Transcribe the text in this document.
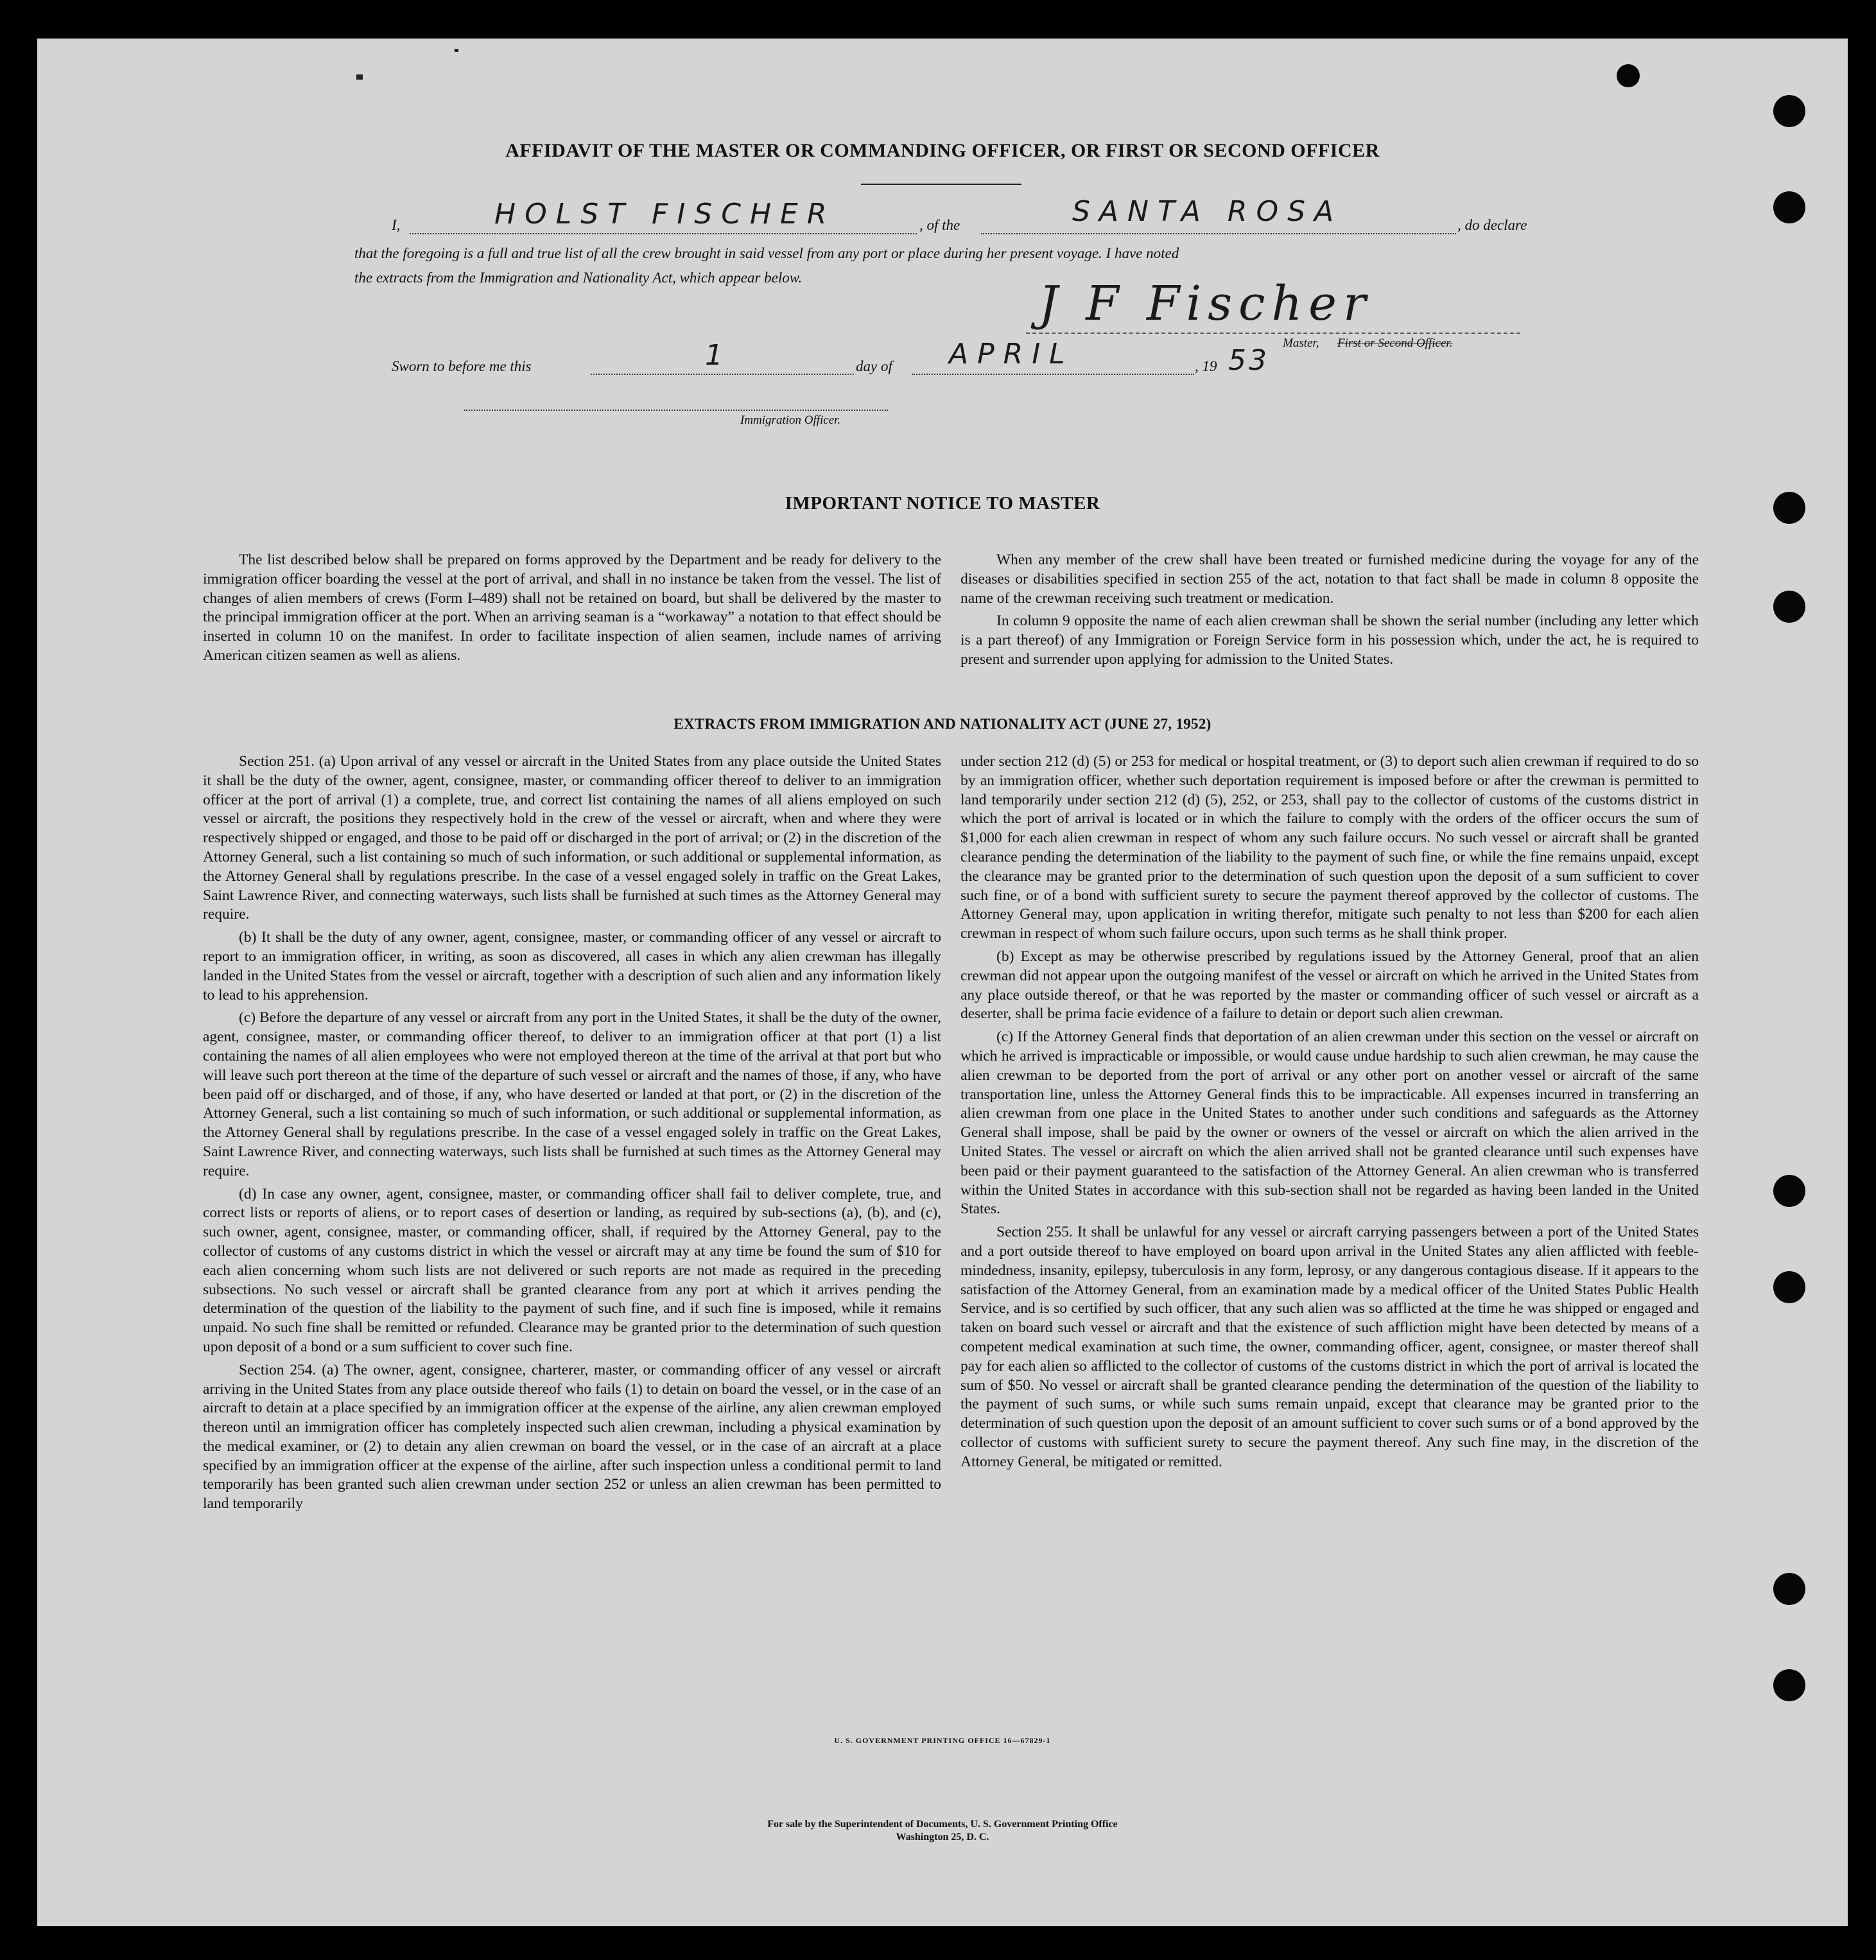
AFFIDAVIT OF THE MASTER OR COMMANDING OFFICER, OR FIRST OR SECOND OFFICER
I,	HOLST FISCHER	, of the	SANTA ROSA	, do declare
that the foregoing is a full and true list of all the crew brought in said vessel from any port or place during her present voyage. I have noted
the extracts from the Immigration and Nationality Act, which appear below.	J F Fischer
Master, First or Second Officer.
Sworn to before me this	1	day of APRIL	, 19 53
Immigration Officer.
IMPORTANT NOTICE TO MASTER

The list described below shall be prepared on forms approved by the Department and be ready for delivery to the immigration officer boarding the vessel at the port of arrival, and shall in no instance be taken from the vessel. The list of changes of alien members of crews (Form I–489) shall not be retained on board, but shall be delivered by the master to the principal immigration officer at the port. When an arriving seaman is a “workaway” a notation to that effect should be inserted in column 10 on the manifest. In order to facilitate inspection of alien seamen, include names of arriving American citizen seamen as well as aliens.

When any member of the crew shall have been treated or furnished medicine during the voyage for any of the diseases or disabilities specified in section 255 of the act, notation to that fact shall be made in column 8 opposite the name of the crewman receiving such treatment or medication.

In column 9 opposite the name of each alien crewman shall be shown the serial number (including any letter which is a part thereof) of any Immigration or Foreign Service form in his possession which, under the act, he is required to present and surrender upon applying for admission to the United States.

EXTRACTS FROM IMMIGRATION AND NATIONALITY ACT (JUNE 27, 1952)

Section 251. (a) Upon arrival of any vessel or aircraft in the United States from any place outside the United States it shall be the duty of the owner, agent, consignee, master, or commanding officer thereof to deliver to an immigration officer at the port of arrival (1) a complete, true, and correct list containing the names of all aliens employed on such vessel or aircraft, the positions they respectively hold in the crew of the vessel or aircraft, when and where they were respectively shipped or engaged, and those to be paid off or discharged in the port of arrival; or (2) in the discretion of the Attorney General, such a list containing so much of such information, or such additional or supplemental information, as the Attorney General shall by regulations prescribe. In the case of a vessel engaged solely in traffic on the Great Lakes, Saint Lawrence River, and connecting waterways, such lists shall be furnished at such times as the Attorney General may require.

(b) It shall be the duty of any owner, agent, consignee, master, or commanding officer of any vessel or aircraft to report to an immigration officer, in writing, as soon as discovered, all cases in which any alien crewman has illegally landed in the United States from the vessel or aircraft, together with a description of such alien and any information likely to lead to his apprehension.

(c) Before the departure of any vessel or aircraft from any port in the United States, it shall be the duty of the owner, agent, consignee, master, or commanding officer thereof, to deliver to an immigration officer at that port (1) a list containing the names of all alien employees who were not employed thereon at the time of the arrival at that port but who will leave such port thereon at the time of the departure of such vessel or aircraft and the names of those, if any, who have been paid off or discharged, and of those, if any, who have deserted or landed at that port, or (2) in the discretion of the Attorney General, such a list containing so much of such information, or such additional or supplemental information, as the Attorney General shall by regulations prescribe. In the case of a vessel engaged solely in traffic on the Great Lakes, Saint Lawrence River, and connecting waterways, such lists shall be furnished at such times as the Attorney General may require.

(d) In case any owner, agent, consignee, master, or commanding officer shall fail to deliver complete, true, and correct lists or reports of aliens, or to report cases of desertion or landing, as required by sub-sections (a), (b), and (c), such owner, agent, consignee, master, or commanding officer, shall, if required by the Attorney General, pay to the collector of customs of any customs district in which the vessel or aircraft may at any time be found the sum of $10 for each alien concerning whom such lists are not delivered or such reports are not made as required in the preceding subsections. No such vessel or aircraft shall be granted clearance from any port at which it arrives pending the determination of the question of the liability to the payment of such fine, and if such fine is imposed, while it remains unpaid. No such fine shall be remitted or refunded. Clearance may be granted prior to the determination of such question upon deposit of a bond or a sum sufficient to cover such fine.

Section 254. (a) The owner, agent, consignee, charterer, master, or commanding officer of any vessel or aircraft arriving in the United States from any place outside thereof who fails (1) to detain on board the vessel, or in the case of an aircraft to detain at a place specified by an immigration officer at the expense of the airline, any alien crewman employed thereon until an immigration officer has completely inspected such alien crewman, including a physical examination by the medical examiner, or (2) to detain any alien crewman on board the vessel, or in the case of an aircraft at a place specified by an immigration officer at the expense of the airline, after such inspection unless a conditional permit to land temporarily has been granted such alien crewman under section 252 or unless an alien crewman has been permitted to land temporarily

under section 212 (d) (5) or 253 for medical or hospital treatment, or (3) to deport such alien crewman if required to do so by an immigration officer, whether such deportation requirement is imposed before or after the crewman is permitted to land temporarily under section 212 (d) (5), 252, or 253, shall pay to the collector of customs of the customs district in which the port of arrival is located or in which the failure to comply with the orders of the officer occurs the sum of $1,000 for each alien crewman in respect of whom any such failure occurs. No such vessel or aircraft shall be granted clearance pending the determination of the liability to the payment of such fine, or while the fine remains unpaid, except the clearance may be granted prior to the determination of such question upon the deposit of a sum sufficient to cover such fine, or of a bond with sufficient surety to secure the payment thereof approved by the collector of customs. The Attorney General may, upon application in writing therefor, mitigate such penalty to not less than $200 for each alien crewman in respect of whom such failure occurs, upon such terms as he shall think proper.

(b) Except as may be otherwise prescribed by regulations issued by the Attorney General, proof that an alien crewman did not appear upon the outgoing manifest of the vessel or aircraft on which he arrived in the United States from any place outside thereof, or that he was reported by the master or commanding officer of such vessel or aircraft as a deserter, shall be prima facie evidence of a failure to detain or deport such alien crewman.

(c) If the Attorney General finds that deportation of an alien crewman under this section on the vessel or aircraft on which he arrived is impracticable or impossible, or would cause undue hardship to such alien crewman, he may cause the alien crewman to be deported from the port of arrival or any other port on another vessel or aircraft of the same transportation line, unless the Attorney General finds this to be impracticable. All expenses incurred in transferring an alien crewman from one place in the United States to another under such conditions and safeguards as the Attorney General shall impose, shall be paid by the owner or owners of the vessel or aircraft on which the alien arrived in the United States. The vessel or aircraft on which the alien arrived shall not be granted clearance until such expenses have been paid or their payment guaranteed to the satisfaction of the Attorney General. An alien crewman who is transferred within the United States in accordance with this sub-section shall not be regarded as having been landed in the United States.

Section 255. It shall be unlawful for any vessel or aircraft carrying passengers between a port of the United States and a port outside thereof to have employed on board upon arrival in the United States any alien afflicted with feeble-mindedness, insanity, epilepsy, tuberculosis in any form, leprosy, or any dangerous contagious disease. If it appears to the satisfaction of the Attorney General, from an examination made by a medical officer of the United States Public Health Service, and is so certified by such officer, that any such alien was so afflicted at the time he was shipped or engaged and taken on board such vessel or aircraft and that the existence of such affliction might have been detected by means of a competent medical examination at such time, the owner, commanding officer, agent, consignee, or master thereof shall pay for each alien so afflicted to the collector of customs of the customs district in which the port of arrival is located the sum of $50. No vessel or aircraft shall be granted clearance pending the determination of the question of the liability to the payment of such sums, or while such sums remain unpaid, except that clearance may be granted prior to the determination of such question upon the deposit of an amount sufficient to cover such sums or of a bond approved by the collector of customs with sufficient surety to secure the payment thereof. Any such fine may, in the discretion of the Attorney General, be mitigated or remitted.

U. S. GOVERNMENT PRINTING OFFICE 16—67829-1
For sale by the Superintendent of Documents, U. S. Government Printing Office
Washington 25, D. C.
